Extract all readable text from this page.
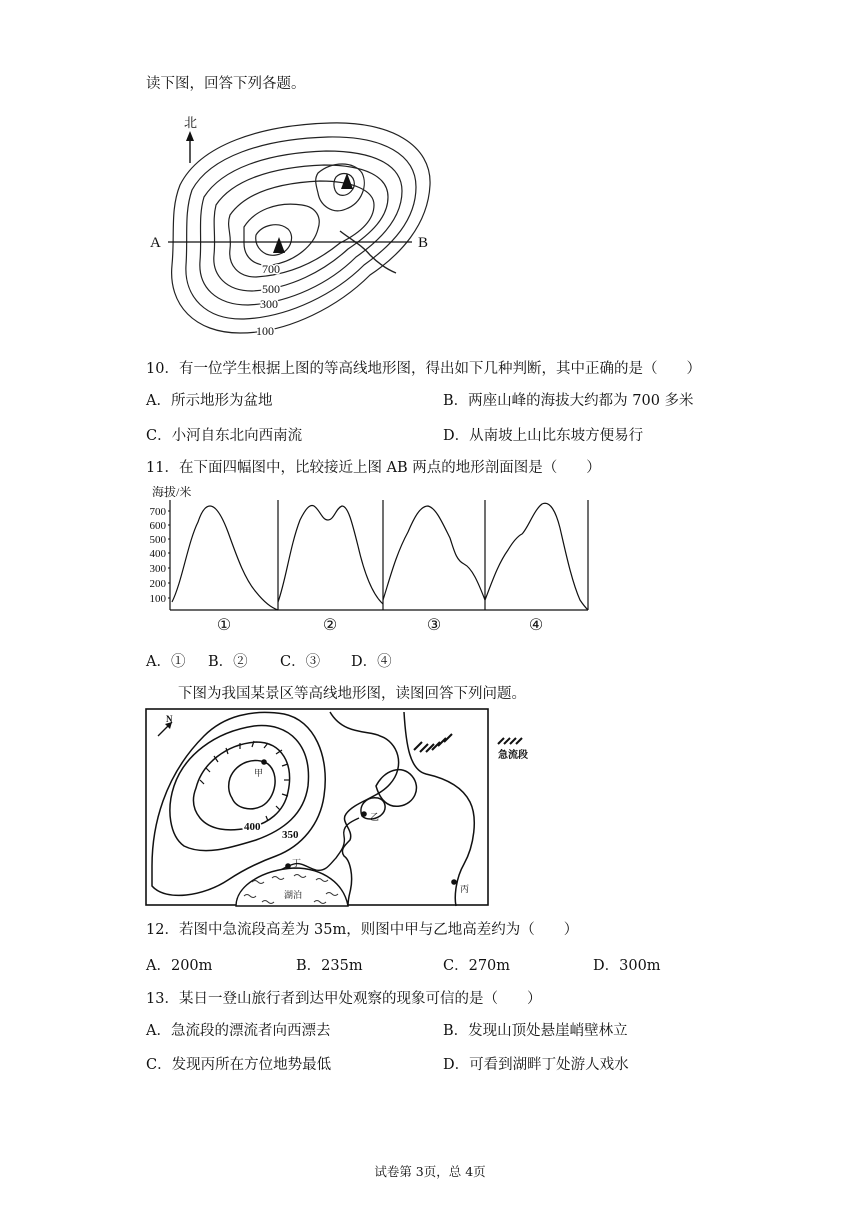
读下图，回答下列各题。
北
A	B
700
500
300
100
10．有一位学生根据上图的等高线地形图，得出如下几种判断，其中正确的是（　　）
A．所示地形为盆地	B．两座山峰的海拔大约都为 700 多米
C．小河自东北向西南流	D．从南坡上山比东坡方便易行
11．在下面四幅图中，比较接近上图 AB 两点的地形剖面图是（　　）
海拔/米
700
600
500
400
300
200
100
①	②	③	④
A．① B．② C．③ D．④
下图为我国某景区等高线地形图，读图回答下列问题。
N
湖泊
甲
乙
丁
丙
400
350
急流段
12．若图中急流段高差为 35m，则图中甲与乙地高差约为（　　）
A．200m	B．235m	C．270m	D．300m
13．某日一登山旅行者到达甲处观察的现象可信的是（　　）
A．急流段的漂流者向西漂去	B．发现山顶处悬崖峭壁林立
C．发现丙所在方位地势最低	D．可看到湖畔丁处游人戏水
试卷第 3页，总 4页
